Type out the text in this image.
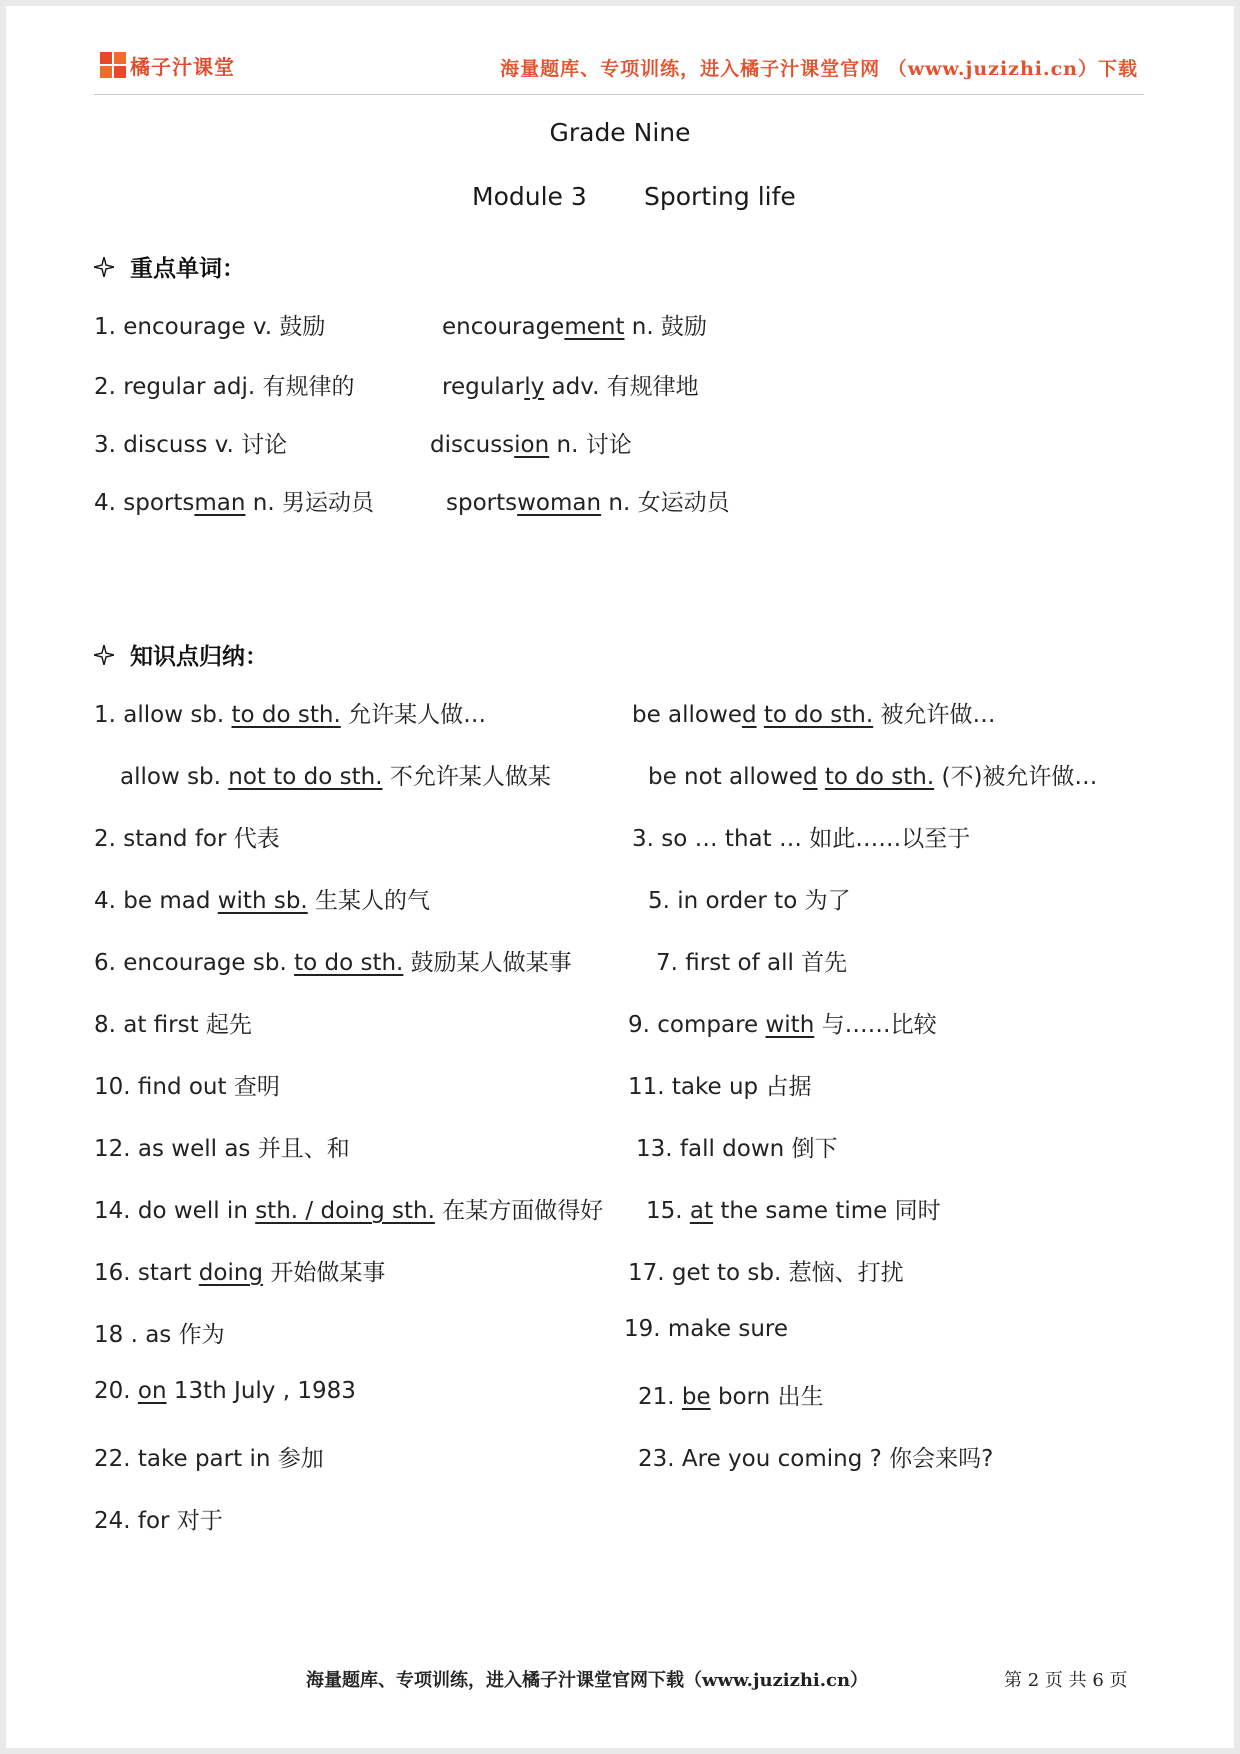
橘子汁课堂	海量题库、专项训练，进入橘子汁课堂官网 （www.juzizhi.cn）下载
Grade Nine
Module 3 Sporting life
重点单词：
1. encourage v. 鼓励	encouragement n. 鼓励
2. regular adj. 有规律的	regularly adv. 有规律地
3. discuss v. 讨论	discussion n. 讨论
4. sportsman n. 男运动员	sportswoman n. 女运动员
知识点归纳：
1. allow sb. to do sth. 允许某人做…	be allowed to do sth. 被允许做…
allow sb. not to do sth. 不允许某人做某	be not allowed to do sth. (不)被允许做…
2. stand for 代表	3. so … that … 如此……以至于
4. be mad with sb. 生某人的气	5. in order to 为了
6. encourage sb. to do sth. 鼓励某人做某事	7. first of all 首先
8. at first 起先	9. compare with 与……比较
10. find out 查明	11. take up 占据
12. as well as 并且、和	13. fall down 倒下
14. do well in sth. / doing sth. 在某方面做得好 15. at the same time 同时
16. start doing 开始做某事	17. get to sb. 惹恼、打扰
18 . as 作为	19. make sure
20. on 13th July , 1983	21. be born 出生
22. take part in 参加	23. Are you coming ? 你会来吗?
24. for 对于
海量题库、专项训练，进入橘子汁课堂官网下载（www.juzizhi.cn）	第 2 页 共 6 页
